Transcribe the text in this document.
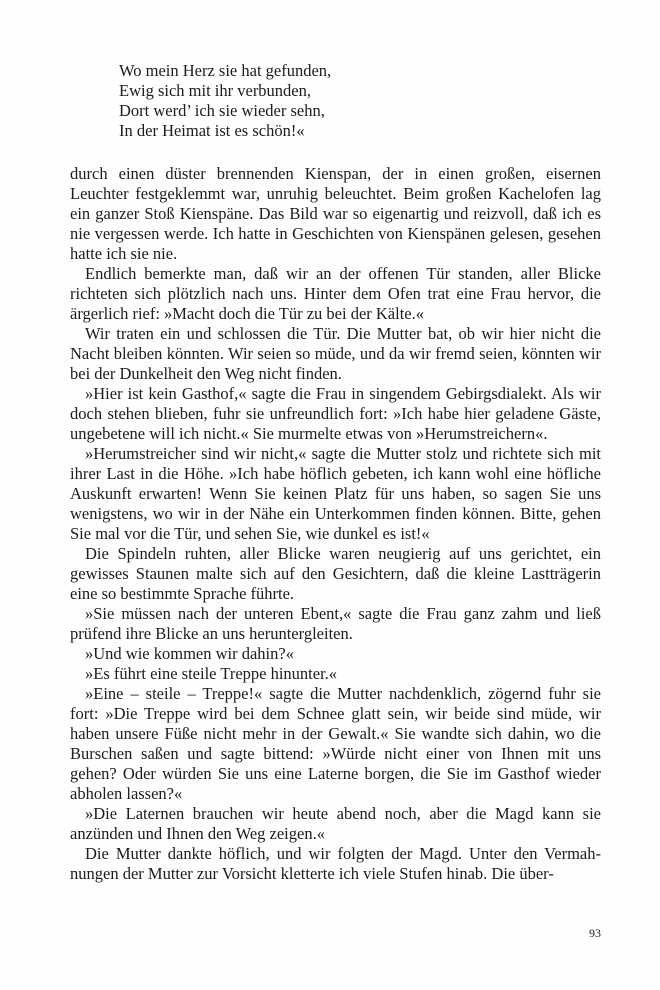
Wo mein Herz sie hat gefunden,
Ewig sich mit ihr verbunden,
Dort werd’ ich sie wieder sehn,
In der Heimat ist es schön!«

durch einen düster brennenden Kienspan, der in einen großen, eisernen Leuchter festgeklemmt war, unruhig beleuchtet. Beim großen Kachelofen lag ein ganzer Stoß Kienspäne. Das Bild war so eigenartig und reizvoll, daß ich es nie vergessen werde. Ich hatte in Geschichten von Kienspänen gelesen, gesehen hatte ich sie nie.

Endlich bemerkte man, daß wir an der offenen Tür standen, aller Blicke richteten sich plötzlich nach uns. Hinter dem Ofen trat eine Frau hervor, die ärgerlich rief: »Macht doch die Tür zu bei der Kälte.«

Wir traten ein und schlossen die Tür. Die Mutter bat, ob wir hier nicht die Nacht bleiben könnten. Wir seien so müde, und da wir fremd seien, könnten wir bei der Dunkelheit den Weg nicht finden.

»Hier ist kein Gasthof,« sagte die Frau in singendem Gebirgsdialekt. Als wir doch stehen blieben, fuhr sie unfreundlich fort: »Ich habe hier geladene Gäste, ungebetene will ich nicht.« Sie murmelte etwas von »Herumstreichern«.

»Herumstreicher sind wir nicht,« sagte die Mutter stolz und richtete sich mit ihrer Last in die Höhe. »Ich habe höflich gebeten, ich kann wohl eine höfliche Auskunft erwarten! Wenn Sie keinen Platz für uns haben, so sagen Sie uns wenigstens, wo wir in der Nähe ein Unterkommen finden können. Bitte, gehen Sie mal vor die Tür, und sehen Sie, wie dunkel es ist!«

Die Spindeln ruhten, aller Blicke waren neugierig auf uns gerichtet, ein gewisses Staunen malte sich auf den Gesichtern, daß die kleine Lastträgerin eine so bestimmte Sprache führte.

»Sie müssen nach der unteren Ebent,« sagte die Frau ganz zahm und ließ prüfend ihre Blicke an uns heruntergleiten.

»Und wie kommen wir dahin?«

»Es führt eine steile Treppe hinunter.«

»Eine – steile – Treppe!« sagte die Mutter nachdenklich, zögernd fuhr sie fort: »Die Treppe wird bei dem Schnee glatt sein, wir beide sind müde, wir haben unsere Füße nicht mehr in der Gewalt.« Sie wandte sich dahin, wo die Burschen saßen und sagte bittend: »Würde nicht einer von Ihnen mit uns gehen? Oder würden Sie uns eine Laterne borgen, die Sie im Gasthof wieder abholen lassen?«

»Die Laternen brauchen wir heute abend noch, aber die Magd kann sie anzünden und Ihnen den Weg zeigen.«

Die Mutter dankte höflich, und wir folgten der Magd. Unter den Vermahnungen der Mutter zur Vorsicht kletterte ich viele Stufen hinab. Die über-

93
